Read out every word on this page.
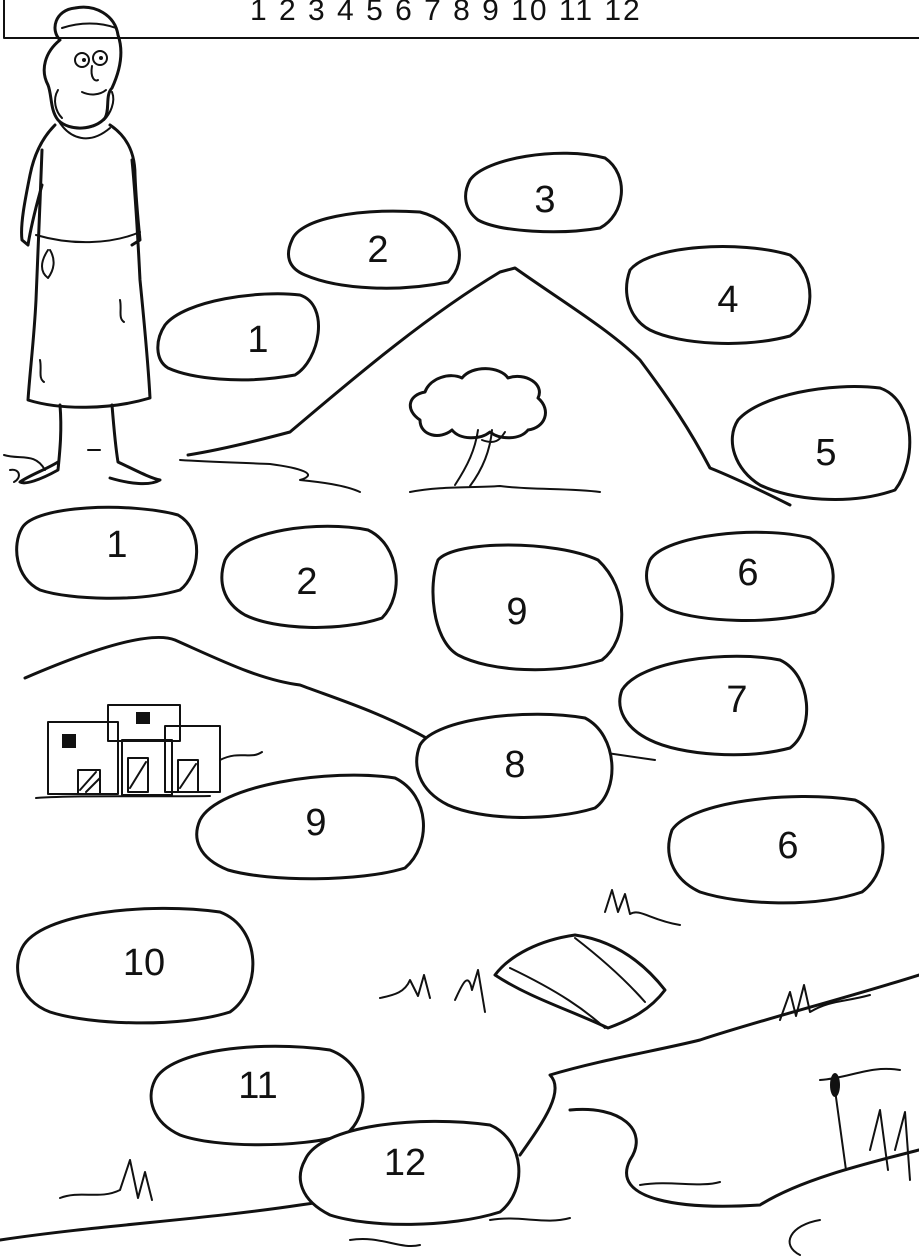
1 2 3 4 5 6 7 8 9 10 11 12
1
2
3
4
5
1
2
9
6
7
8
9
6
10
11
12
